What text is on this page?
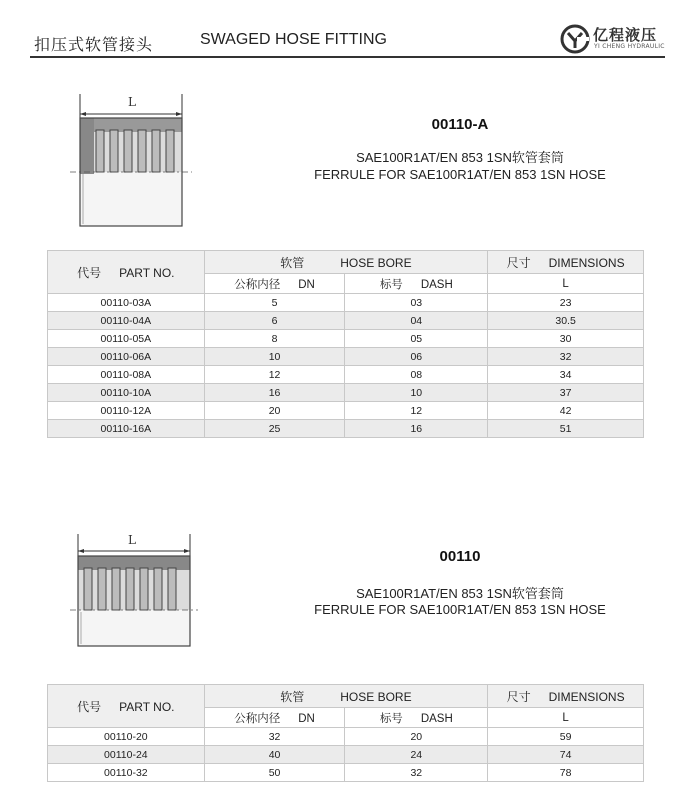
扣压式软管接头	SWAGED HOSE FITTING	亿程液压
YI CHENG HYDRAULIC
L
00110-A
SAE100R1AT/EN 853 1SN软管套筒
FERRULE FOR SAE100R1AT/EN 853 1SN HOSE
代号 PART NO.	软管 HOSE BORE		尺寸 DIMENSIONS
	公称内径 DN	标号 DASH	L
00110-03A	5	03	23
00110-04A	6	04	30.5
00110-05A	8	05	30
00110-06A	10	06	32
00110-08A	12	08	34
00110-10A	16	10	37
00110-12A	20	12	42
00110-16A	25	16	51
L
00110
SAE100R1AT/EN 853 1SN软管套筒
FERRULE FOR SAE100R1AT/EN 853 1SN HOSE
代号 PART NO.	软管 HOSE BORE		尺寸 DIMENSIONS
	公称内径 DN	标号 DASH	L
00110-20	32	20	59
00110-24	40	24	74
00110-32	50	32	78
